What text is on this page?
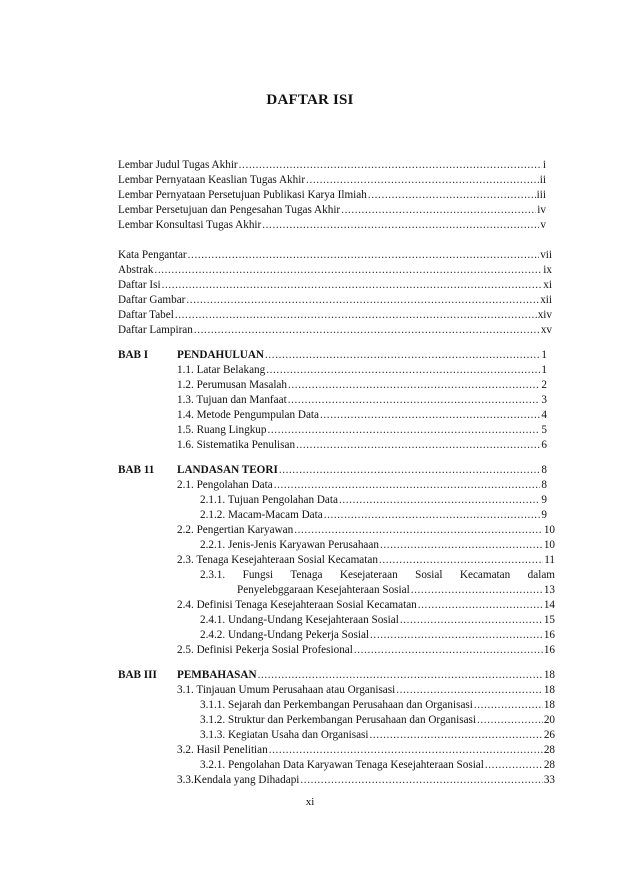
DAFTAR ISI
Lembar Judul Tugas Akhir .....	i
Lembar Pernyataan Keaslian Tugas Akhir .....	ii
Lembar Pernyataan Persetujuan Publikasi Karya Ilmiah .....	iii
Lembar Persetujuan dan Pengesahan Tugas Akhir .....	iv
Lembar Konsultasi Tugas Akhir .....	v
Kata Pengantar .....	vii
Abstrak .....	ix
Daftar Isi .....	xi
Daftar Gambar .....	xii
Daftar Tabel .....	xiv
Daftar Lampiran .....	xv
BAB I	PENDAHULUAN .....	1
1.1. Latar Belakang .....	1
1.2. Perumusan Masalah .....	2
1.3. Tujuan dan Manfaat .....	3
1.4. Metode Pengumpulan Data .....	4
1.5. Ruang Lingkup .....	5
1.6. Sistematika Penulisan .....	6
BAB 11 LANDASAN TEORI .....	8
2.1. Pengolahan Data .....	8
2.1.1. Tujuan Pengolahan Data .....	9
2.1.2. Macam-Macam Data .....	9
2.2. Pengertian Karyawan .....	10
2.2.1. Jenis-Jenis Karyawan Perusahaan .....	10
2.3. Tenaga Kesejahteraan Sosial Kecamatan .....	11
2.3.1. Fungsi Tenaga Kesejateraan Sosial Kecamatan dalam
Penyelebggaraan Kesejahteraan Sosial .....	13
2.4. Definisi Tenaga Kesejahteraan Sosial Kecamatan .....	14
2.4.1. Undang-Undang Kesejahteraan Sosial .....	15
2.4.2. Undang-Undang Pekerja Sosial .....	16
2.5. Definisi Pekerja Sosial Profesional .....	16
BAB III PEMBAHASAN .....	18
3.1. Tinjauan Umum Perusahaan atau Organisasi .....	18
3.1.1. Sejarah dan Perkembangan Perusahaan dan Organisasi .....	18
3.1.2. Struktur dan Perkembangan Perusahaan dan Organisasi .....	20
3.1.3. Kegiatan Usaha dan Organisasi .....	26
3.2. Hasil Penelitian .....	28
3.2.1. Pengolahan Data Karyawan Tenaga Kesejahteraan Sosial .....	28
3.3.Kendala yang Dihadapi .....	33
xi
